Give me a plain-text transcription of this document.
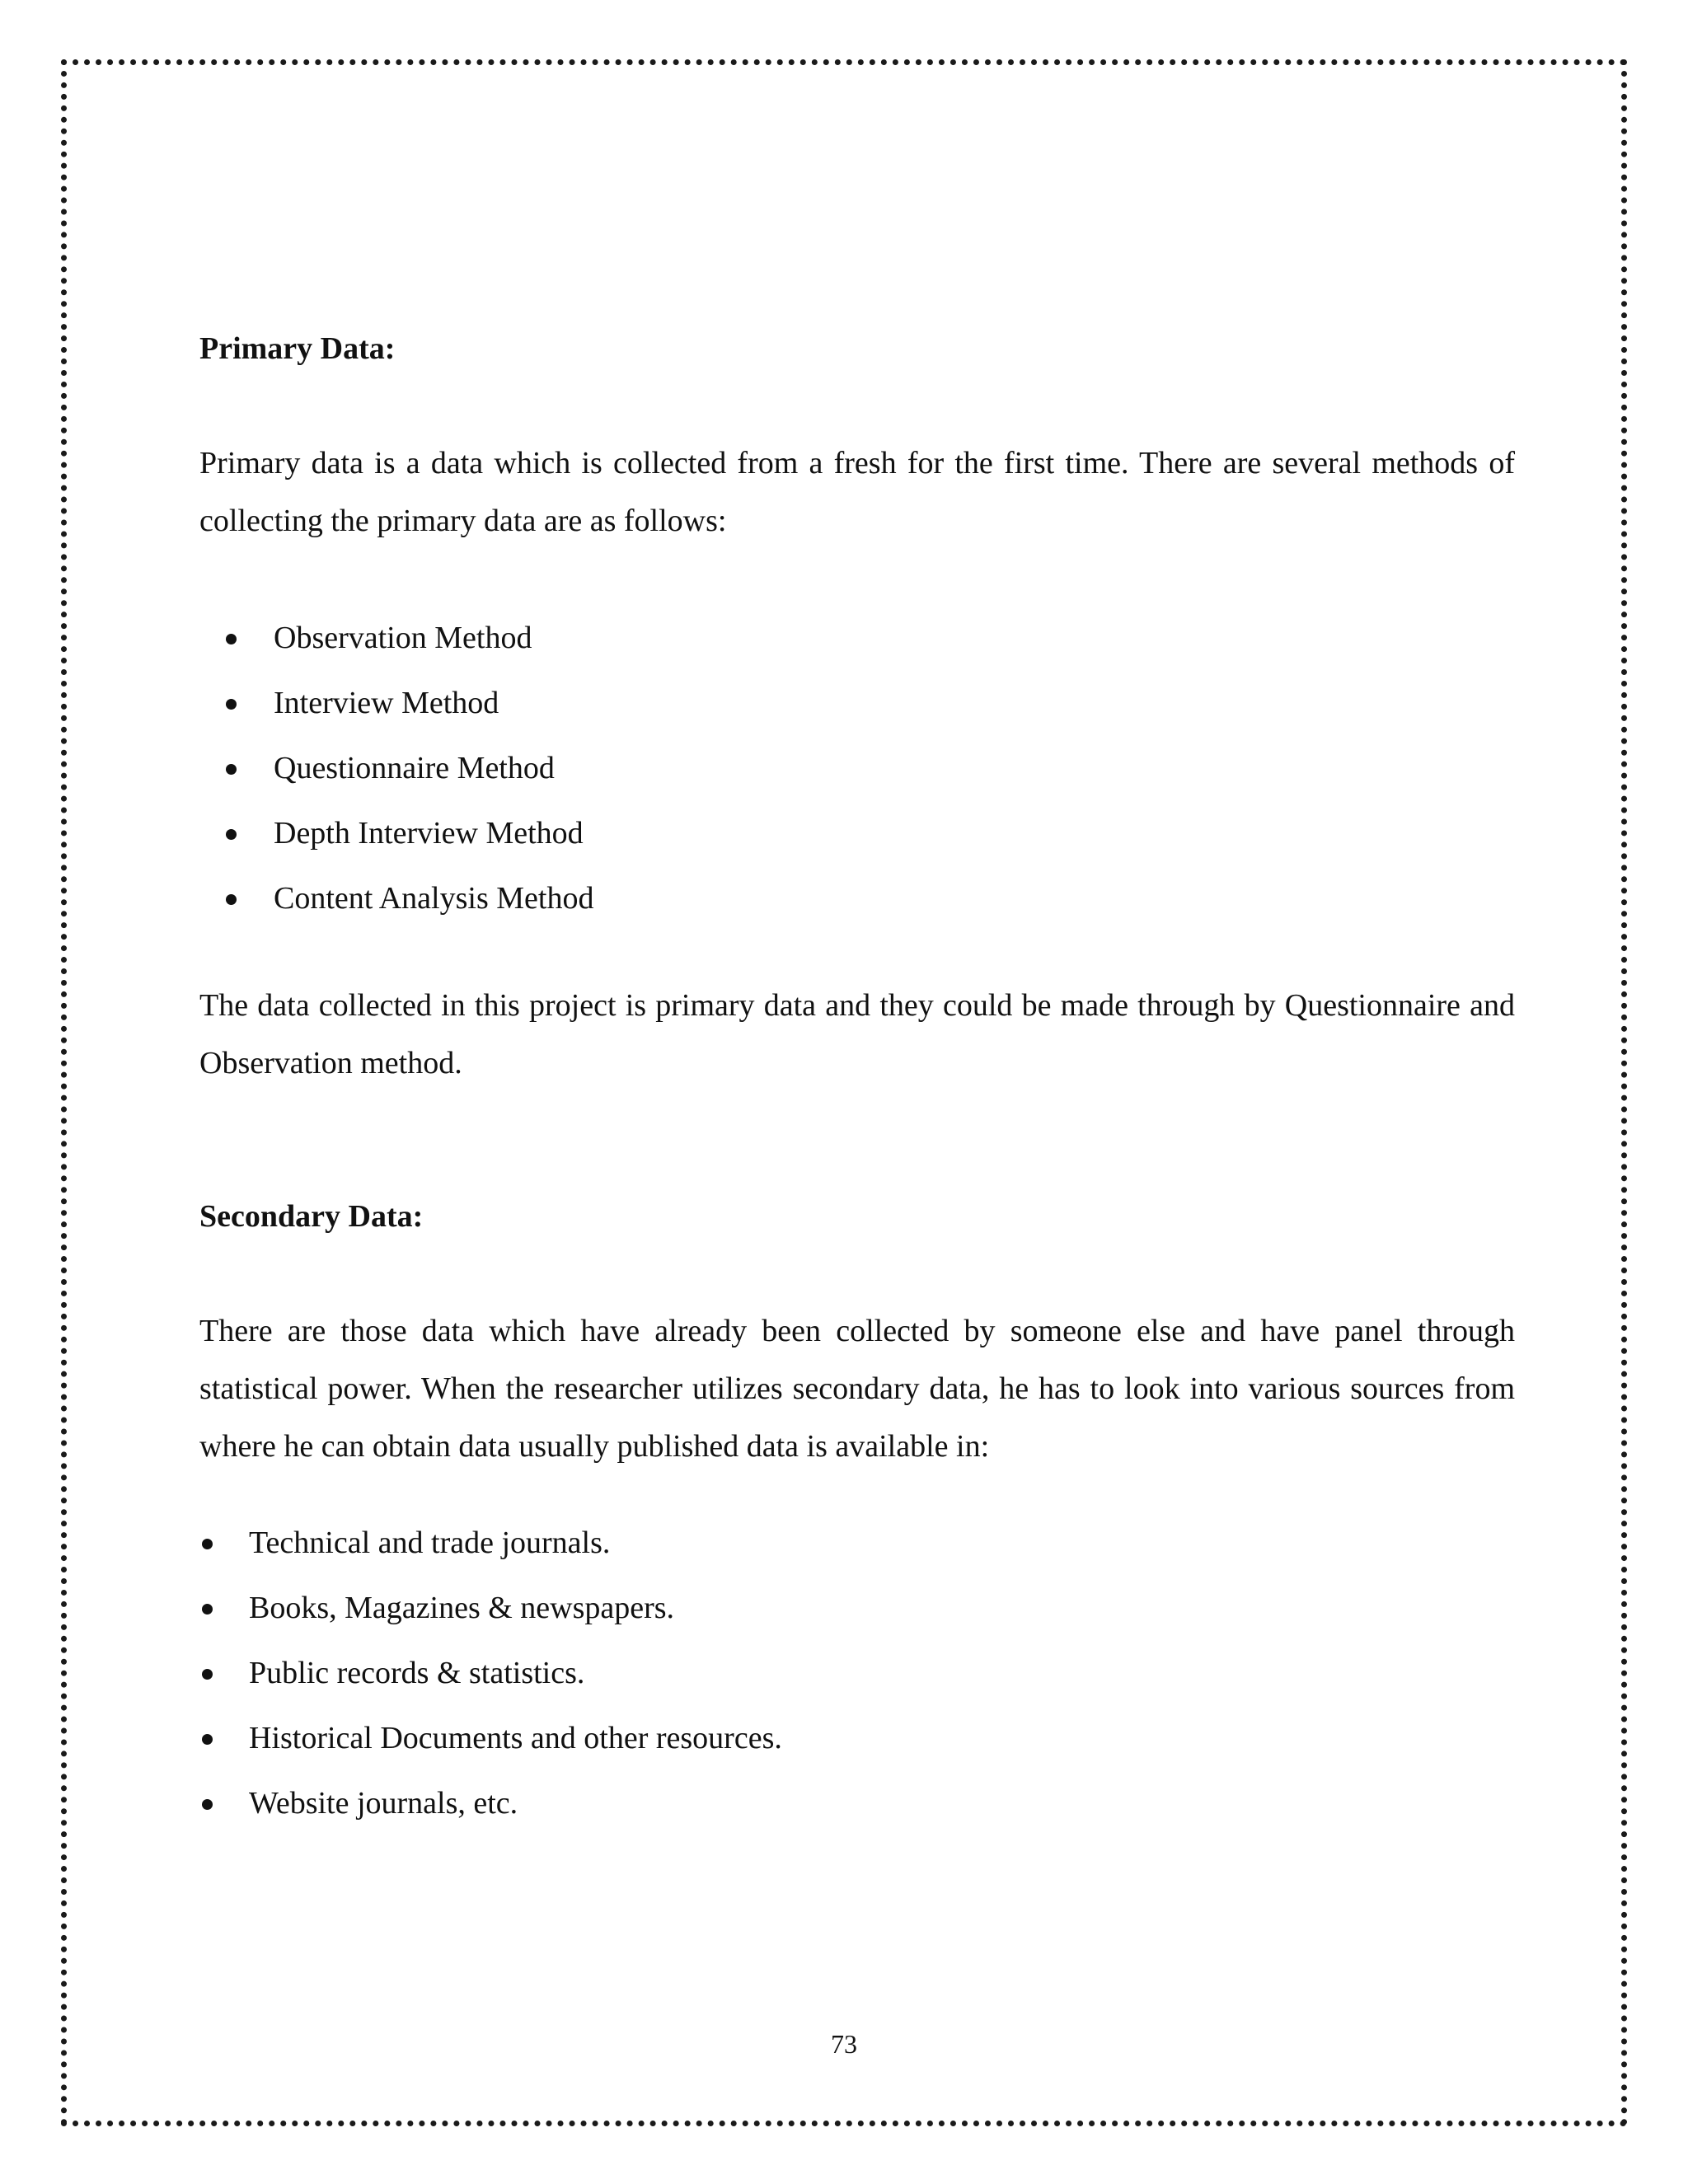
Primary Data:

Primary data is a data which is collected from a fresh for the first time. There are several methods of collecting the primary data are as follows:

Observation Method
Interview Method
Questionnaire Method
Depth Interview Method
Content Analysis Method

The data collected in this project is primary data and they could be made through by Questionnaire and Observation method.

Secondary Data:

There are those data which have already been collected by someone else and have panel through statistical power. When the researcher utilizes secondary data, he has to look into various sources from where he can obtain data usually published data is available in:

Technical and trade journals.
Books, Magazines & newspapers.
Public records & statistics.
Historical Documents and other resources.
Website journals, etc.
73
